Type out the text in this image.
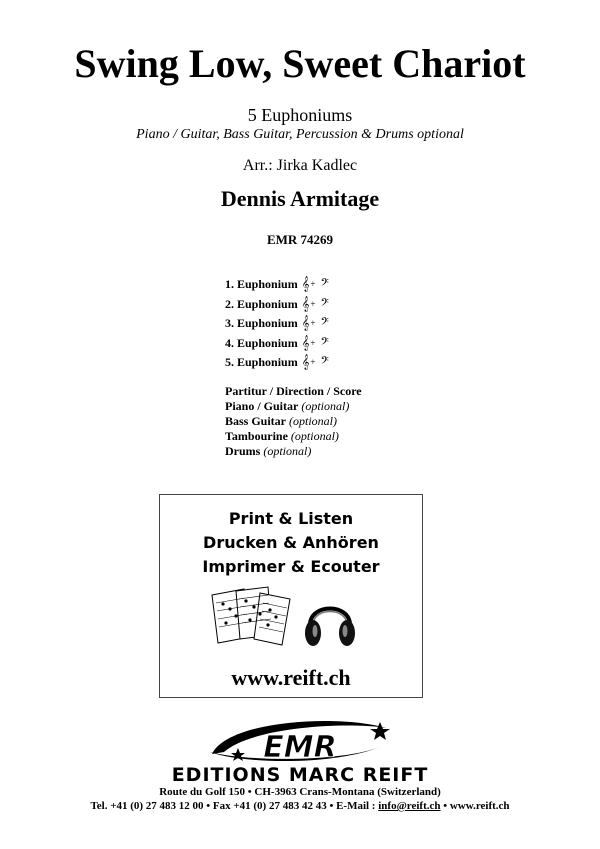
Swing Low, Sweet Chariot
5 Euphoniums
Piano / Guitar, Bass Guitar, Percussion & Drums optional
Arr.: Jirka Kadlec
Dennis Armitage
EMR 74269
1. Euphonium 𝄞 + 𝄢
2. Euphonium 𝄞 + 𝄢
3. Euphonium 𝄞 + 𝄢
4. Euphonium 𝄞 + 𝄢
5. Euphonium 𝄞 + 𝄢
Partitur / Direction / Score
Piano / Guitar (optional)
Bass Guitar (optional)
Tambourine (optional)
Drums (optional)
Print & Listen
Drucken & Anhören
Imprimer & Ecouter
www.reift.ch
EMR
EDITIONS MARC REIFT
Route du Golf 150 • CH-3963 Crans-Montana (Switzerland)
Tel. +41 (0) 27 483 12 00 • Fax +41 (0) 27 483 42 43 • E-Mail : info@reift.ch • www.reift.ch
